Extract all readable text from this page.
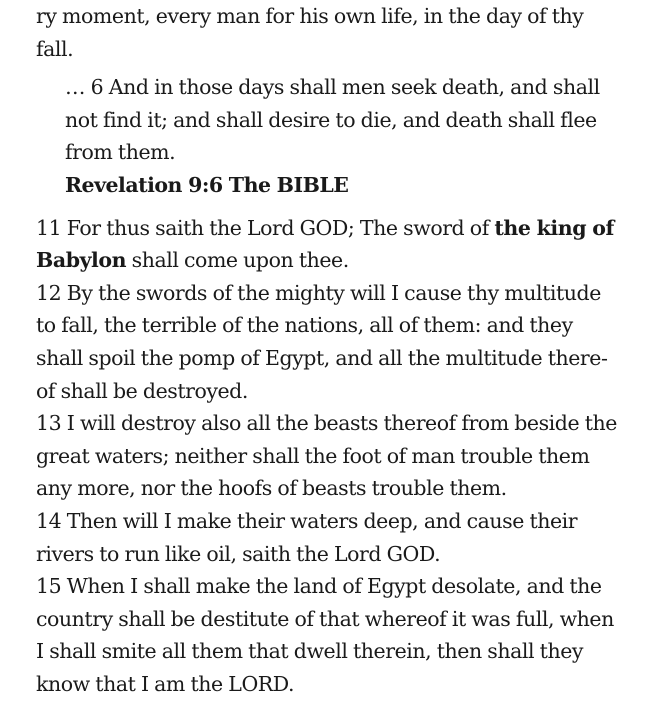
ry moment, every man for his own life, in the day of thy
fall.
… 6 And in those days shall men seek death, and shall
not find it; and shall desire to die, and death shall flee
from them.
Revelation 9:6 The BIBLE
11 For thus saith the Lord GOD; The sword of the king of
Babylon shall come upon thee.
12 By the swords of the mighty will I cause thy multitude
to fall, the terrible of the nations, all of them: and they
shall spoil the pomp of Egypt, and all the multitude there-
of shall be destroyed.
13 I will destroy also all the beasts thereof from beside the
great waters; neither shall the foot of man trouble them
any more, nor the hoofs of beasts trouble them.
14 Then will I make their waters deep, and cause their
rivers to run like oil, saith the Lord GOD.
15 When I shall make the land of Egypt desolate, and the
country shall be destitute of that whereof it was full, when
I shall smite all them that dwell therein, then shall they
know that I am the LORD.
